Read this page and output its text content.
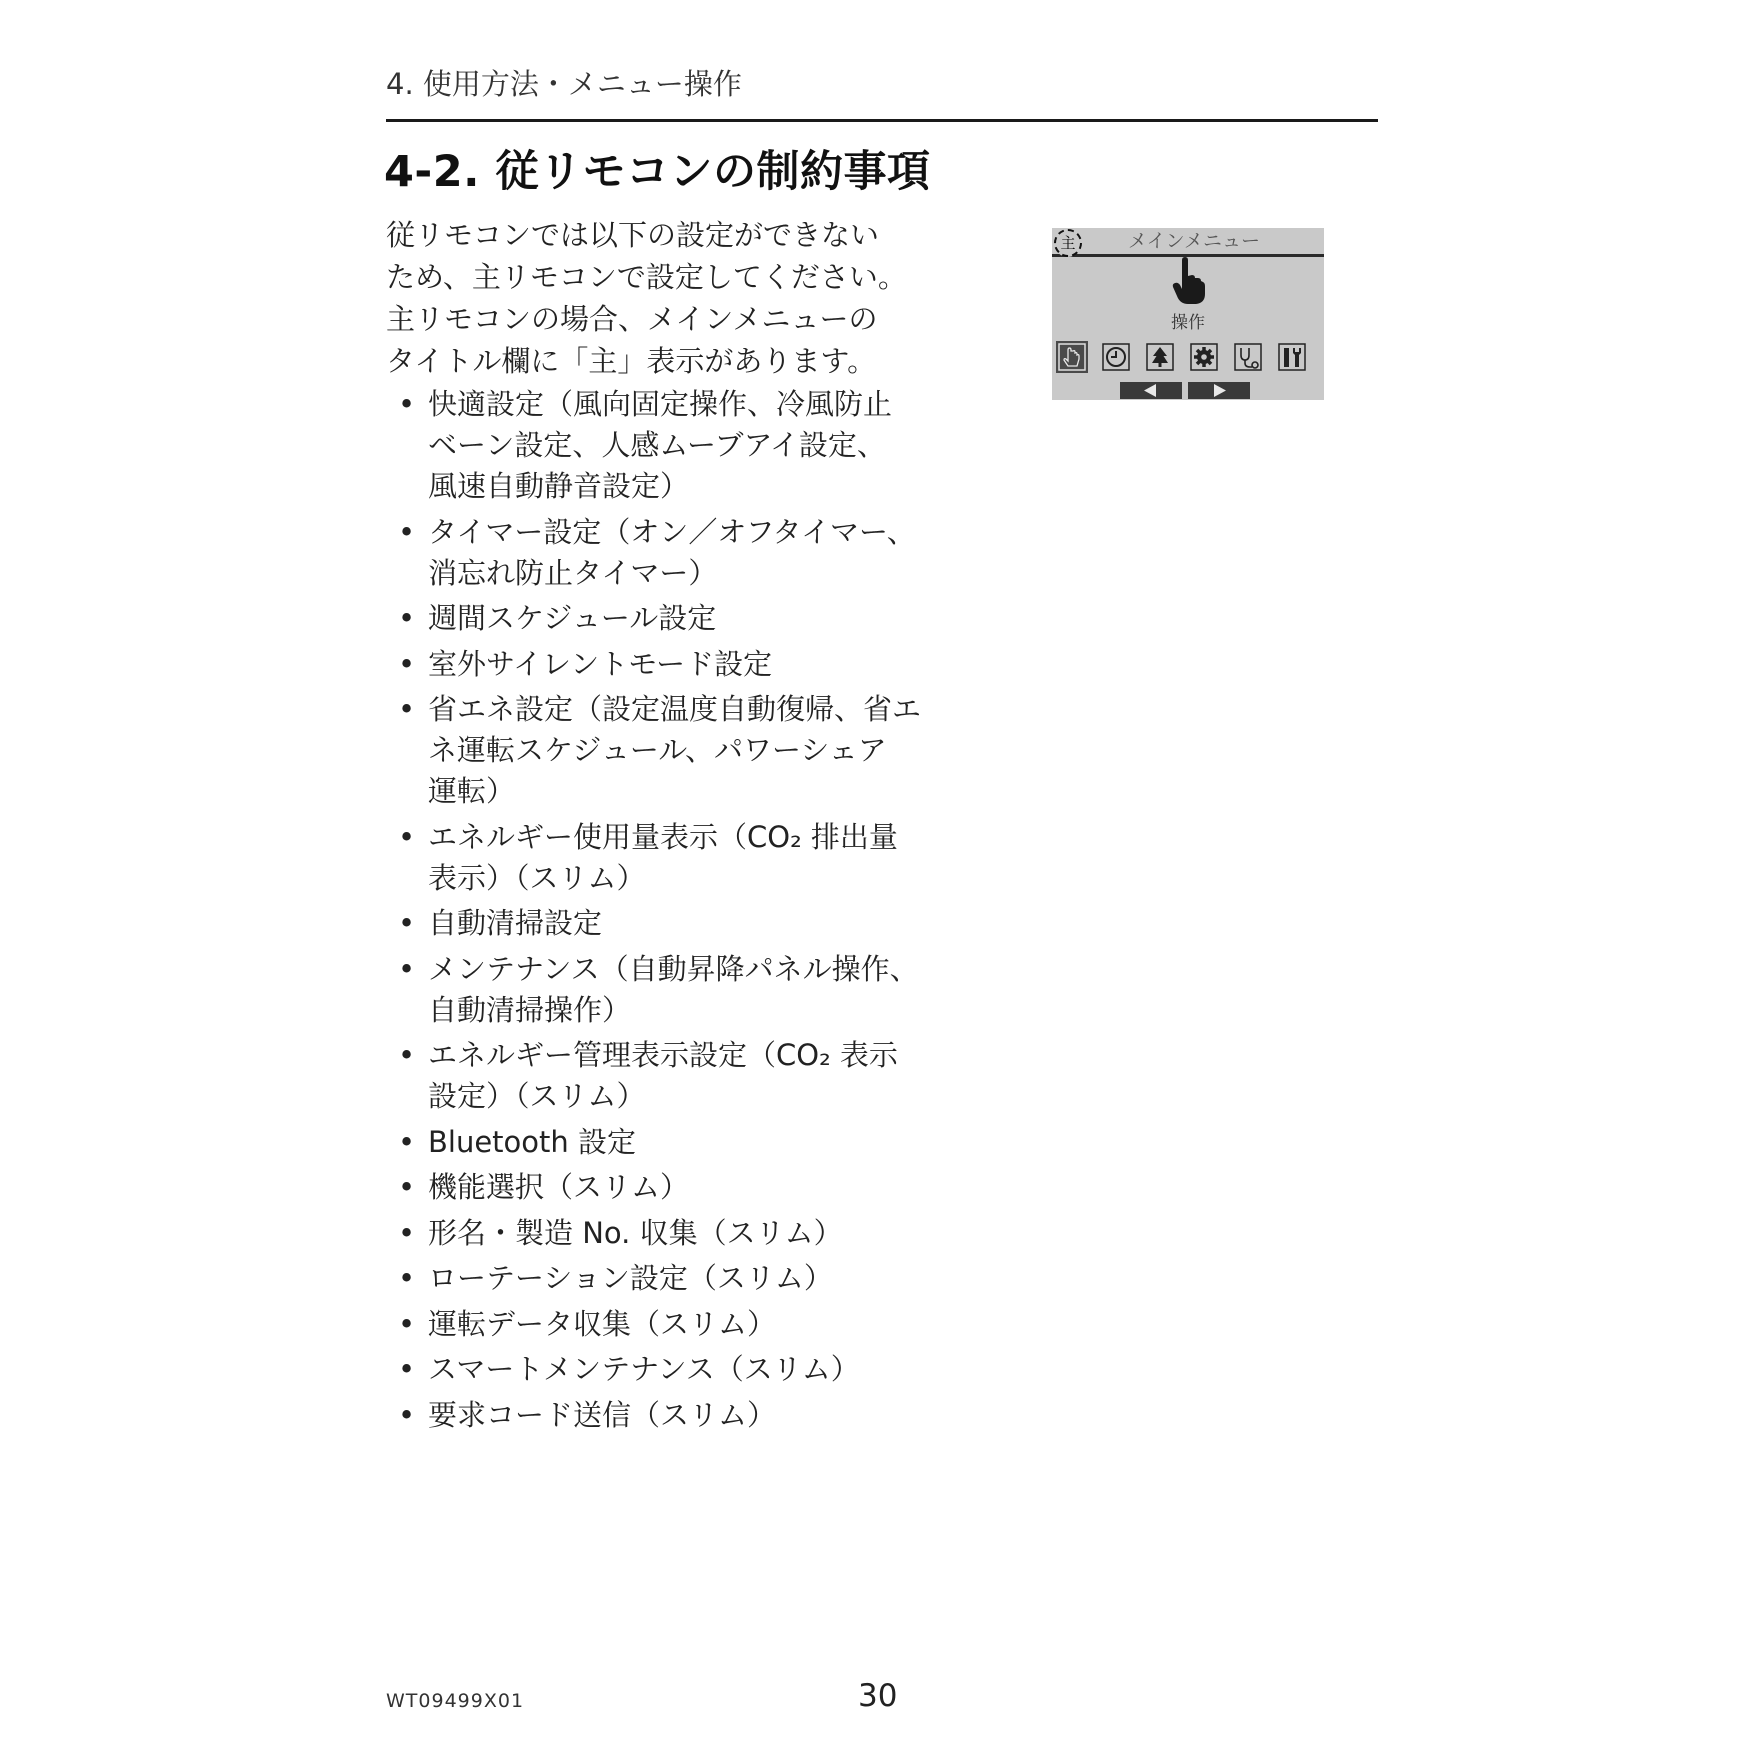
4. 使用方法・メニュー操作
4-2. 従リモコンの制約事項
従リモコンでは以下の設定ができない
ため、主リモコンで設定してください。
主リモコンの場合、メインメニューの
タイトル欄に「主」表示があります。
• 快適設定（風向固定操作、冷風防止
ベーン設定、人感ムーブアイ設定、
風速自動静音設定）
• タイマー設定（オン／オフタイマー、
消忘れ防止タイマー）
• 週間スケジュール設定
• 室外サイレントモード設定
• 省エネ設定（設定温度自動復帰、省エ
ネ運転スケジュール、パワーシェア
運転）
• エネルギー使用量表示（CO₂ 排出量
表示）（スリム）
• 自動清掃設定
• メンテナンス（自動昇降パネル操作、
自動清掃操作）
• エネルギー管理表示設定（CO₂ 表示
設定）（スリム）
• Bluetooth 設定
• 機能選択（スリム）
• 形名・製造 No. 収集（スリム）
• ローテーション設定（スリム）
• 運転データ収集（スリム）
• スマートメンテナンス（スリム）
• 要求コード送信（スリム）
主	メインメニュー
操作
WT09499X01	30
